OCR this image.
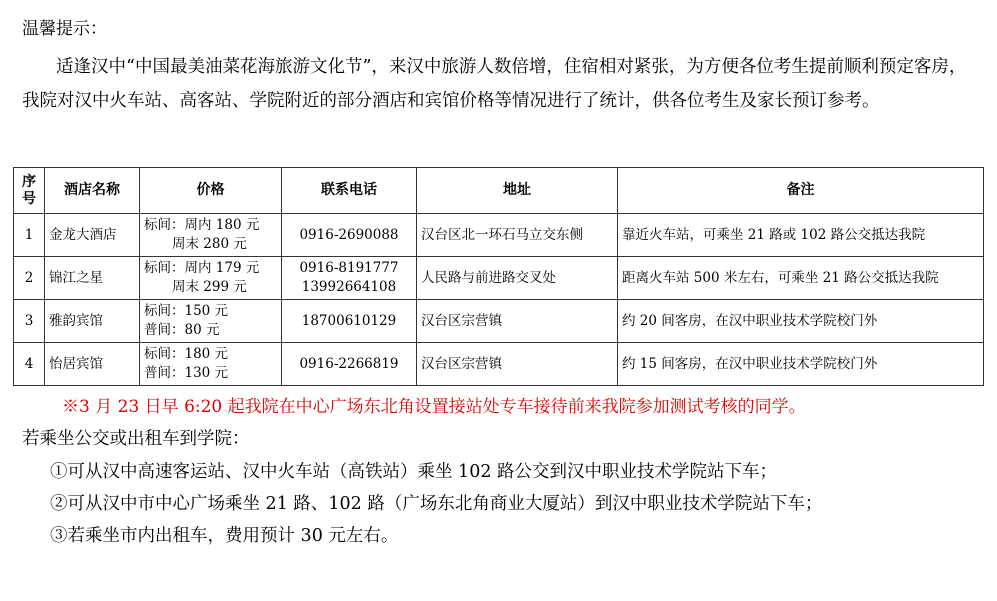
温馨提示：
适逢汉中“中国最美油菜花海旅游文化节”，来汉中旅游人数倍增，住宿相对紧张，为方便各位考生提前顺利预定客房，我院对汉中火车站、高客站、学院附近的部分酒店和宾馆价格等情况进行了统计，供各位考生及家长预订参考。
序号	酒店名称	价格	联系电话	地址	备注
1	金龙大酒店	标间：周内 180 元
周末 280 元	0916-2690088	汉台区北一环石马立交东侧	靠近火车站，可乘坐 21 路或 102 路公交抵达我院
2	锦江之星	标间：周内 179 元
周末 299 元	0916-8191777
13992664108	人民路与前进路交叉处	距离火车站 500 米左右，可乘坐 21 路公交抵达我院
3	雅韵宾馆	标间：150 元
普间：80 元	18700610129	汉台区宗营镇	约 20 间客房，在汉中职业技术学院校门外
4	怡居宾馆	标间：180 元
普间：130 元	0916-2266819	汉台区宗营镇	约 15 间客房，在汉中职业技术学院校门外
※3 月 23 日早 6:20 起我院在中心广场东北角设置接站处专车接待前来我院参加测试考核的同学。
若乘坐公交或出租车到学院：
①可从汉中高速客运站、汉中火车站（高铁站）乘坐 102 路公交到汉中职业技术学院站下车；
②可从汉中市中心广场乘坐 21 路、102 路（广场东北角商业大厦站）到汉中职业技术学院站下车；
③若乘坐市内出租车，费用预计 30 元左右。
